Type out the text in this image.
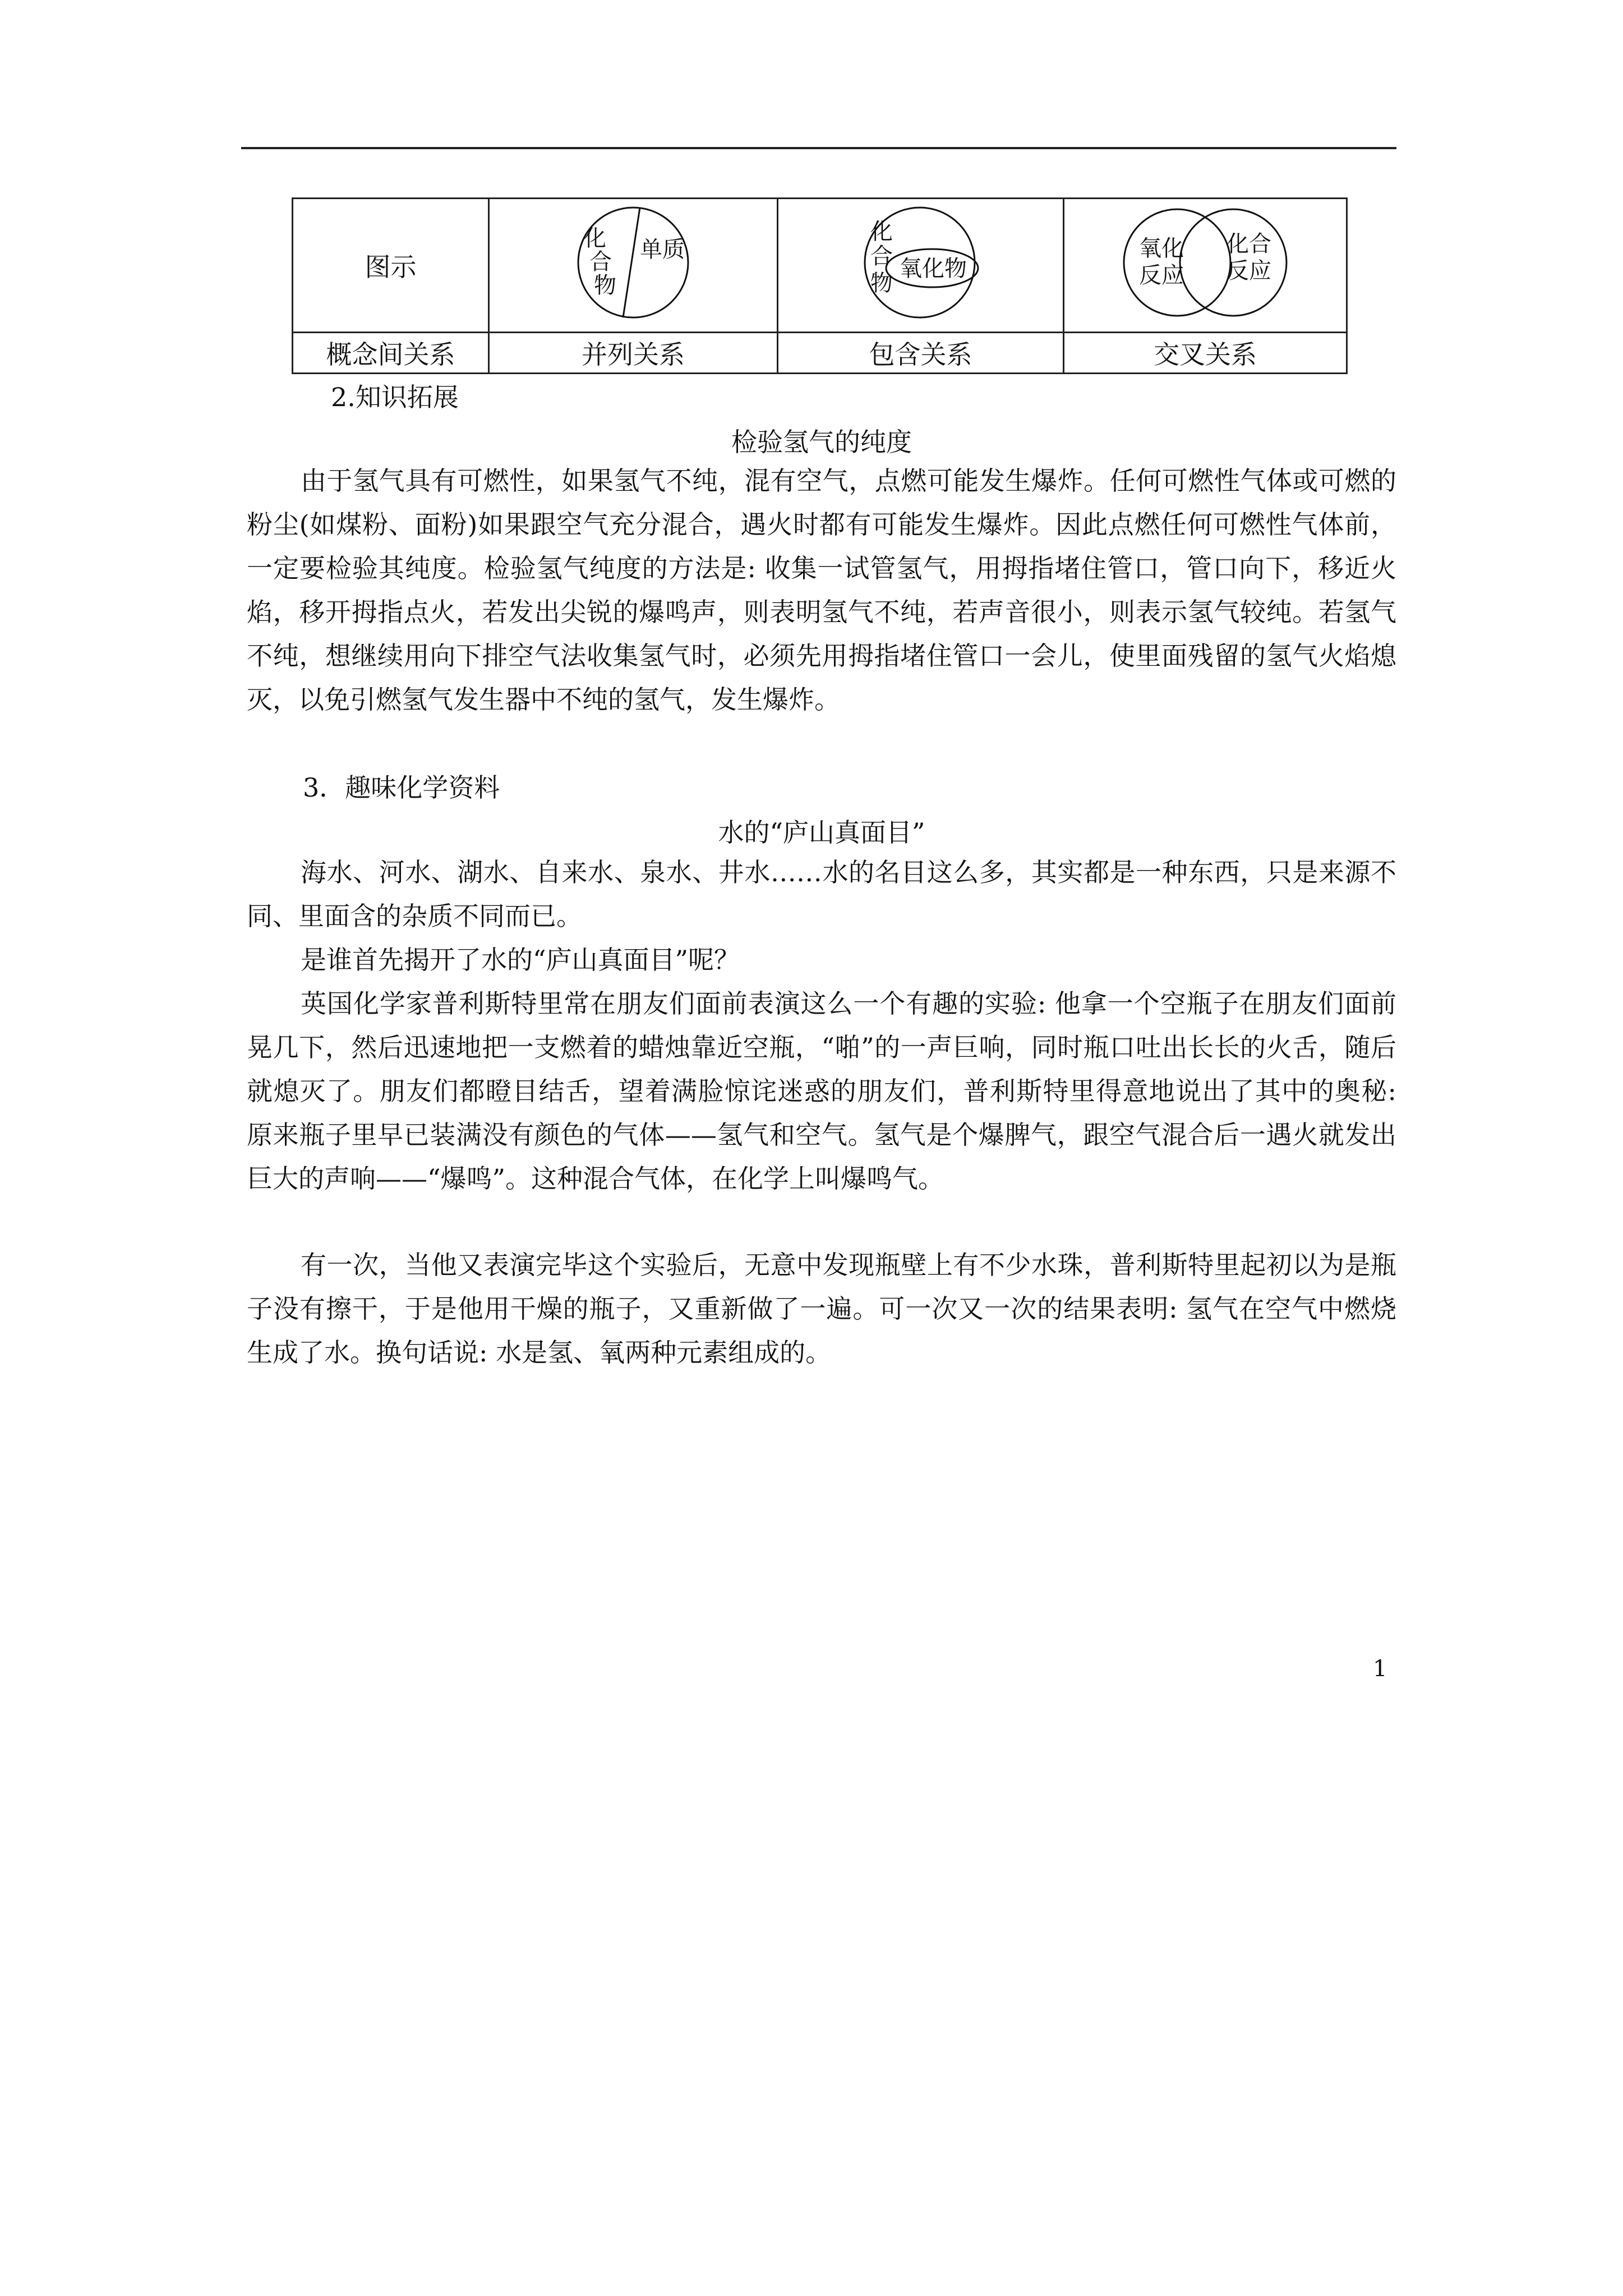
图示	化
合
物
单 质	化
合
物
氧化物	氧化
反应
化合
反应

概念间关系	并列关系	包含关系	交叉关系
2.知识拓展
检验氢气的纯度
由于氢气具有可燃性，如果氢气不纯，混有空气，点燃可能发生爆炸。任何可燃性气体或可燃的粉尘(如煤粉、面粉)如果跟空气充分混合，遇火时都有可能发生爆炸。因此点燃任何可燃性气体前，一定要检验其纯度。检验氢气纯度的方法是: 收集一试管氢气，用拇指堵住管口，管口向下，移近火焰，移开拇指点火，若发出尖锐的爆鸣声，则表明氢气不纯，若声音很小，则表示氢气较纯。若氢气不纯，想继续用向下排空气法收集氢气时，必须先用拇指堵住管口一会儿，使里面残留的氢气火焰熄灭，以免引燃氢气发生器中不纯的氢气，发生爆炸。
3．趣味化学资料
水的“庐山真面目”
海水、河水、湖水、自来水、泉水、井水……水的名目这么多，其实都是一种东西，只是来源不同、里面含的杂质不同而已。
是谁首先揭开了水的“庐山真面目”呢？
英国化学家普利斯特里常在朋友们面前表演这么一个有趣的实验: 他拿一个空瓶子在朋友们面前晃几下，然后迅速地把一支燃着的蜡烛靠近空瓶，“啪”的一声巨响，同时瓶口吐出长长的火舌，随后就熄灭了。朋友们都瞪目结舌，望着满脸惊诧迷惑的朋友们，普利斯特里得意地说出了其中的奥秘: 原来瓶子里早已装满没有颜色的气体——氢气和空气。氢气是个爆脾气，跟空气混合后一遇火就发出巨大的声响——“爆鸣”。这种混合气体，在化学上叫爆鸣气。
有一次，当他又表演完毕这个实验后，无意中发现瓶壁上有不少水珠，普利斯特里起初以为是瓶子没有擦干，于是他用干燥的瓶子，又重新做了一遍。可一次又一次的结果表明: 氢气在空气中燃烧生成了水。换句话说: 水是氢、氧两种元素组成的。
1
